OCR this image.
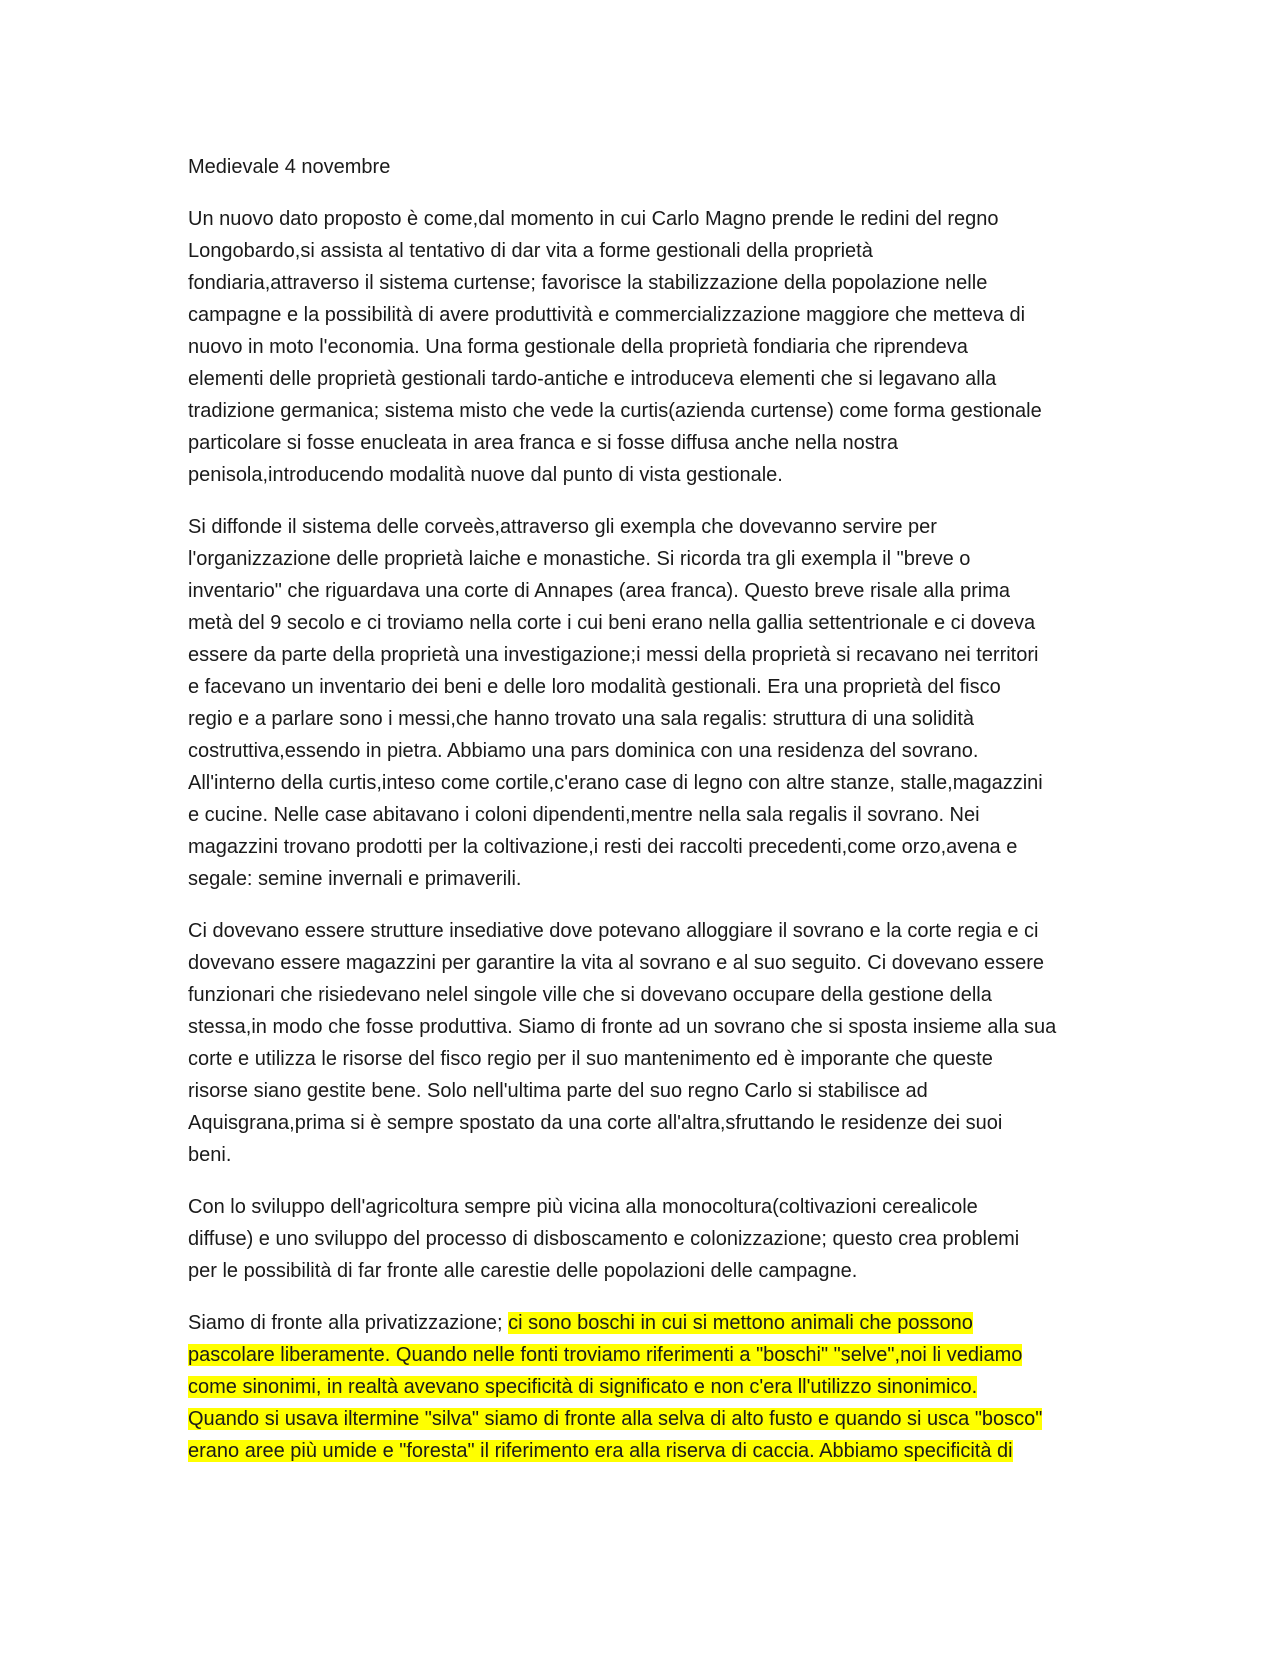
Medievale 4 novembre
Un nuovo dato proposto è come,dal momento in cui Carlo Magno prende le redini del regno
Longobardo,si assista al tentativo di dar vita a forme gestionali della proprietà
fondiaria,attraverso il sistema curtense; favorisce la stabilizzazione della popolazione nelle
campagne e la possibilità di avere produttività e commercializzazione maggiore che metteva di
nuovo in moto l'economia. Una forma gestionale della proprietà fondiaria che riprendeva
elementi delle proprietà gestionali tardo-antiche e introduceva elementi che si legavano alla
tradizione germanica; sistema misto che vede la curtis(azienda curtense) come forma gestionale
particolare si fosse enucleata in area franca e si fosse diffusa anche nella nostra
penisola,introducendo modalità nuove dal punto di vista gestionale.
Si diffonde il sistema delle corveès,attraverso gli exempla che dovevanno servire per
l'organizzazione delle proprietà laiche e monastiche. Si ricorda tra gli exempla il "breve o
inventario" che riguardava una corte di Annapes (area franca). Questo breve risale alla prima
metà del 9 secolo e ci troviamo nella corte i cui beni erano nella gallia settentrionale e ci doveva
essere da parte della proprietà una investigazione;i messi della proprietà si recavano nei territori
e facevano un inventario dei beni e delle loro modalità gestionali. Era una proprietà del fisco
regio e a parlare sono i messi,che hanno trovato una sala regalis: struttura di una solidità
costruttiva,essendo in pietra. Abbiamo una pars dominica con una residenza del sovrano.
All'interno della curtis,inteso come cortile,c'erano case di legno con altre stanze, stalle,magazzini
e cucine. Nelle case abitavano i coloni dipendenti,mentre nella sala regalis il sovrano. Nei
magazzini trovano prodotti per la coltivazione,i resti dei raccolti precedenti,come orzo,avena e
segale: semine invernali e primaverili.
Ci dovevano essere strutture insediative dove potevano alloggiare il sovrano e la corte regia e ci
dovevano essere magazzini per garantire la vita al sovrano e al suo seguito. Ci dovevano essere
funzionari che risiedevano nelel singole ville che si dovevano occupare della gestione della
stessa,in modo che fosse produttiva. Siamo di fronte ad un sovrano che si sposta insieme alla sua
corte e utilizza le risorse del fisco regio per il suo mantenimento ed è imporante che queste
risorse siano gestite bene. Solo nell'ultima parte del suo regno Carlo si stabilisce ad
Aquisgrana,prima si è sempre spostato da una corte all'altra,sfruttando le residenze dei suoi
beni.
Con lo sviluppo dell'agricoltura sempre più vicina alla monocoltura(coltivazioni cerealicole
diffuse) e uno sviluppo del processo di disboscamento e colonizzazione; questo crea problemi
per le possibilità di far fronte alle carestie delle popolazioni delle campagne.
Siamo di fronte alla privatizzazione; ci sono boschi in cui si mettono animali che possono
pascolare liberamente. Quando nelle fonti troviamo riferimenti a "boschi" "selve",noi li vediamo
come sinonimi, in realtà avevano specificità di significato e non c'era ll'utilizzo sinonimico.
Quando si usava iltermine "silva" siamo di fronte alla selva di alto fusto e quando si usca "bosco"
erano aree più umide e "foresta" il riferimento era alla riserva di caccia. Abbiamo specificità di
